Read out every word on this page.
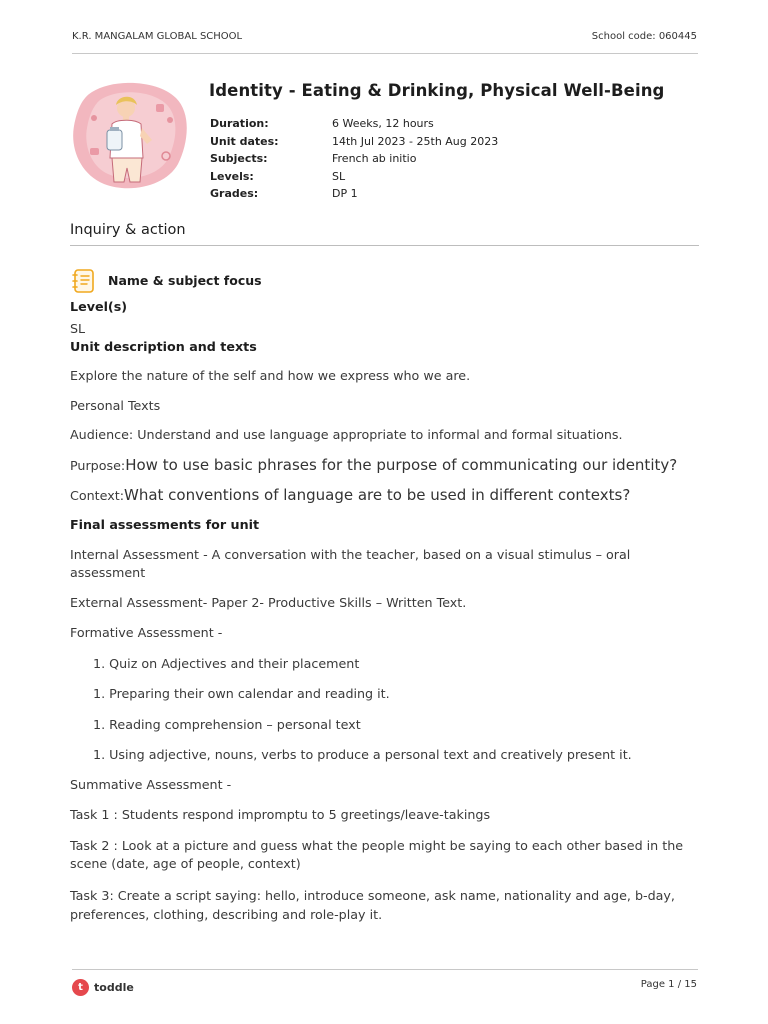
K.R. MANGALAM GLOBAL SCHOOL	School code: 060445
Identity - Eating & Drinking, Physical Well-Being
Duration:	6 Weeks, 12 hours
Unit dates:	14th Jul 2023 - 25th Aug 2023
Subjects:	French ab initio
Levels:	SL
Grades:	DP 1
Inquiry & action
Name & subject focus

Level(s)

SL

Unit description and texts

Explore the nature of the self and how we express who we are.

Personal Texts

Audience: Understand and use language appropriate to informal and formal situations.

Purpose:How to use basic phrases for the purpose of communicating our identity?

Context:What conventions of language are to be used in different contexts?

Final assessments for unit

Internal Assessment - A conversation with the teacher, based on a visual stimulus – oral assessment

External Assessment- Paper 2- Productive Skills – Written Text.

Formative Assessment -

1. Quiz on Adjectives and their placement

1. Preparing their own calendar and reading it.

1. Reading comprehension – personal text

1. Using adjective, nouns, verbs to produce a personal text and creatively present it.

Summative Assessment -

Task 1 : Students respond impromptu to 5 greetings/leave-takings

Task 2 : Look at a picture and guess what the people might be saying to each other based in the scene (date, age of people, context)

Task 3: Create a script saying: hello, introduce someone, ask name, nationality and age, b-day, preferences, clothing, describing and role-play it.

t	toddle	Page 1 / 15
